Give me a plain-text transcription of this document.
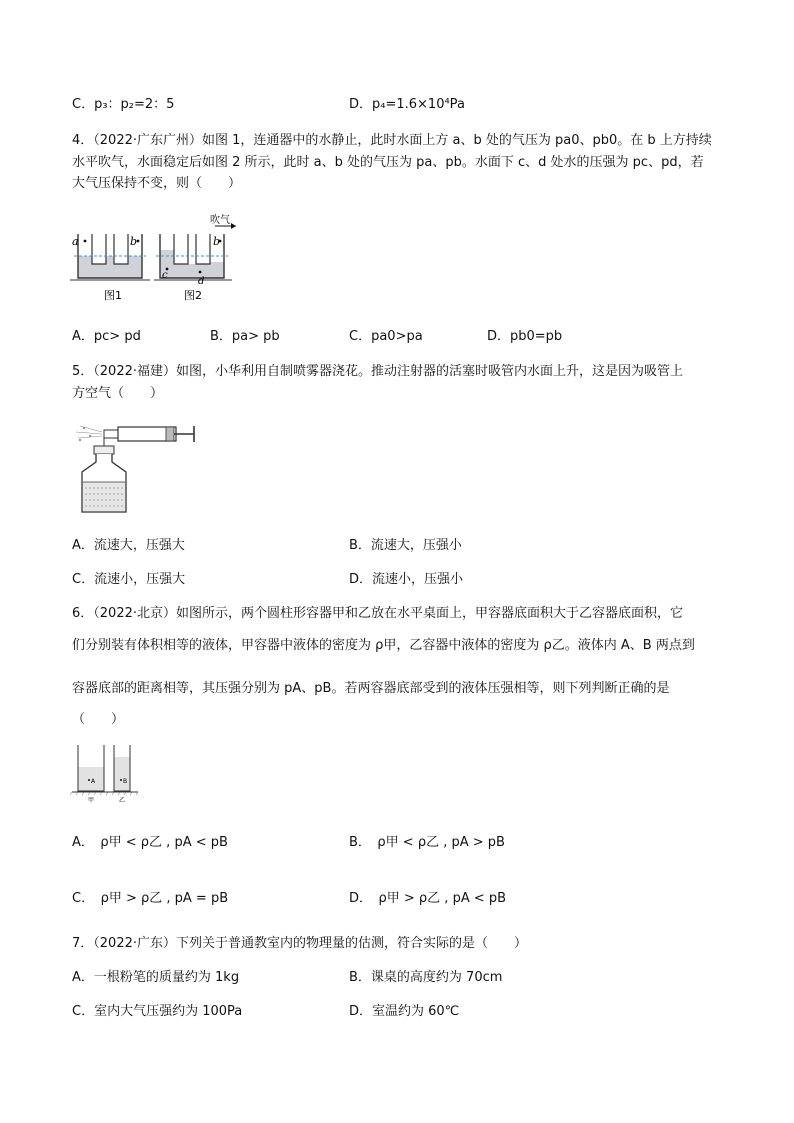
C．p₃：p₂=2：5	D．p₄=1.6×10⁴Pa
4．（2022·广东广州）如图 1，连通器中的水静止，此时水面上方 a、b 处的气压为 pa0、pb0。在 b 上方持续
水平吹气，水面稳定后如图 2 所示，此时 a、b 处的气压为 pa、pb。水面下 c、d 处水的压强为 pc、pd，若
大气压保持不变，则（　　）
a	b
图1
吹气
b
c
d
图2
A．pc> pd	B．pa> pb	C．pa0>pa	D．pb0=pb
5．（2022·福建）如图，小华利用自制喷雾器浇花。推动注射器的活塞时吸管内水面上升，这是因为吸管上
方空气（　　）
A．流速大，压强大	B．流速大，压强小
C．流速小，压强大	D．流速小，压强小
6．（2022·北京）如图所示，两个圆柱形容器甲和乙放在水平桌面上，甲容器底面积大于乙容器底面积，它
们分别装有体积相等的液体，甲容器中液体的密度为 ρ甲，乙容器中液体的密度为 ρ乙。液体内 A、B 两点到
容器底部的距离相等，其压强分别为 pA、pB。若两容器底部受到的液体压强相等，则下列判断正确的是
（　　）
A	B
甲	乙
A．　ρ甲 < ρ乙 , pA < pB	B．　ρ甲 < ρ乙 , pA > pB
C．　ρ甲 > ρ乙 , pA = pB	D．　ρ甲 > ρ乙 , pA < pB
7．（2022·广东）下列关于普通教室内的物理量的估测，符合实际的是（　　）
A．一根粉笔的质量约为 1kg	B．课桌的高度约为 70cm
C．室内大气压强约为 100Pa	D．室温约为 60℃
